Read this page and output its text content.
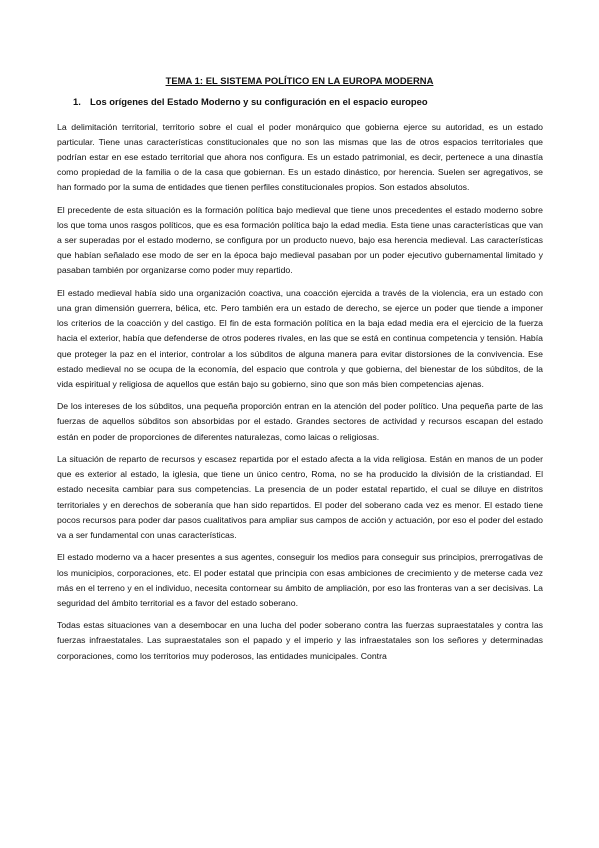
TEMA 1: EL SISTEMA POLÍTICO EN LA EUROPA MODERNA
1. Los orígenes del Estado Moderno y su configuración en el espacio europeo

La delimitación territorial, territorio sobre el cual el poder monárquico que gobierna ejerce su autoridad, es un estado particular. Tiene unas características constitucionales que no son las mismas que las de otros espacios territoriales que podrían estar en ese estado territorial que ahora nos configura. Es un estado patrimonial, es decir, pertenece a una dinastía como propiedad de la familia o de la casa que gobiernan. Es un estado dinástico, por herencia. Suelen ser agregativos, se han formado por la suma de entidades que tienen perfiles constitucionales propios. Son estados absolutos.

El precedente de esta situación es la formación política bajo medieval que tiene unos precedentes el estado moderno sobre los que toma unos rasgos políticos, que es esa formación política bajo la edad media. Esta tiene unas características que van a ser superadas por el estado moderno, se configura por un producto nuevo, bajo esa herencia medieval. Las características que habían señalado ese modo de ser en la época bajo medieval pasaban por un poder ejecutivo gubernamental limitado y pasaban también por organizarse como poder muy repartido.

El estado medieval había sido una organización coactiva, una coacción ejercida a través de la violencia, era un estado con una gran dimensión guerrera, bélica, etc. Pero también era un estado de derecho, se ejerce un poder que tiende a imponer los criterios de la coacción y del castigo. El fin de esta formación política en la baja edad media era el ejercicio de la fuerza hacia el exterior, había que defenderse de otros poderes rivales, en las que se está en continua competencia y tensión. Había que proteger la paz en el interior, controlar a los súbditos de alguna manera para evitar distorsiones de la convivencia. Ese estado medieval no se ocupa de la economía, del espacio que controla y que gobierna, del bienestar de los súbditos, de la vida espiritual y religiosa de aquellos que están bajo su gobierno, sino que son más bien competencias ajenas.

De los intereses de los súbditos, una pequeña proporción entran en la atención del poder político. Una pequeña parte de las fuerzas de aquellos súbditos son absorbidas por el estado. Grandes sectores de actividad y recursos escapan del estado están en poder de proporciones de diferentes naturalezas, como laicas o religiosas.

La situación de reparto de recursos y escasez repartida por el estado afecta a la vida religiosa. Están en manos de un poder que es exterior al estado, la iglesia, que tiene un único centro, Roma, no se ha producido la división de la cristiandad. El estado necesita cambiar para sus competencias. La presencia de un poder estatal repartido, el cual se diluye en distritos territoriales y en derechos de soberanía que han sido repartidos. El poder del soberano cada vez es menor. El estado tiene pocos recursos para poder dar pasos cualitativos para ampliar sus campos de acción y actuación, por eso el poder del estado va a ser fundamental con unas características.

El estado moderno va a hacer presentes a sus agentes, conseguir los medios para conseguir sus principios, prerrogativas de los municipios, corporaciones, etc. El poder estatal que principia con esas ambiciones de crecimiento y de meterse cada vez más en el terreno y en el individuo, necesita contornear su ámbito de ampliación, por eso las fronteras van a ser decisivas. La seguridad del ámbito territorial es a favor del estado soberano.

Todas estas situaciones van a desembocar en una lucha del poder soberano contra las fuerzas supraestatales y contra las fuerzas infraestatales. Las supraestatales son el papado y el imperio y las infraestatales son los señores y determinadas corporaciones, como los territorios muy poderosos, las entidades municipales. Contra
